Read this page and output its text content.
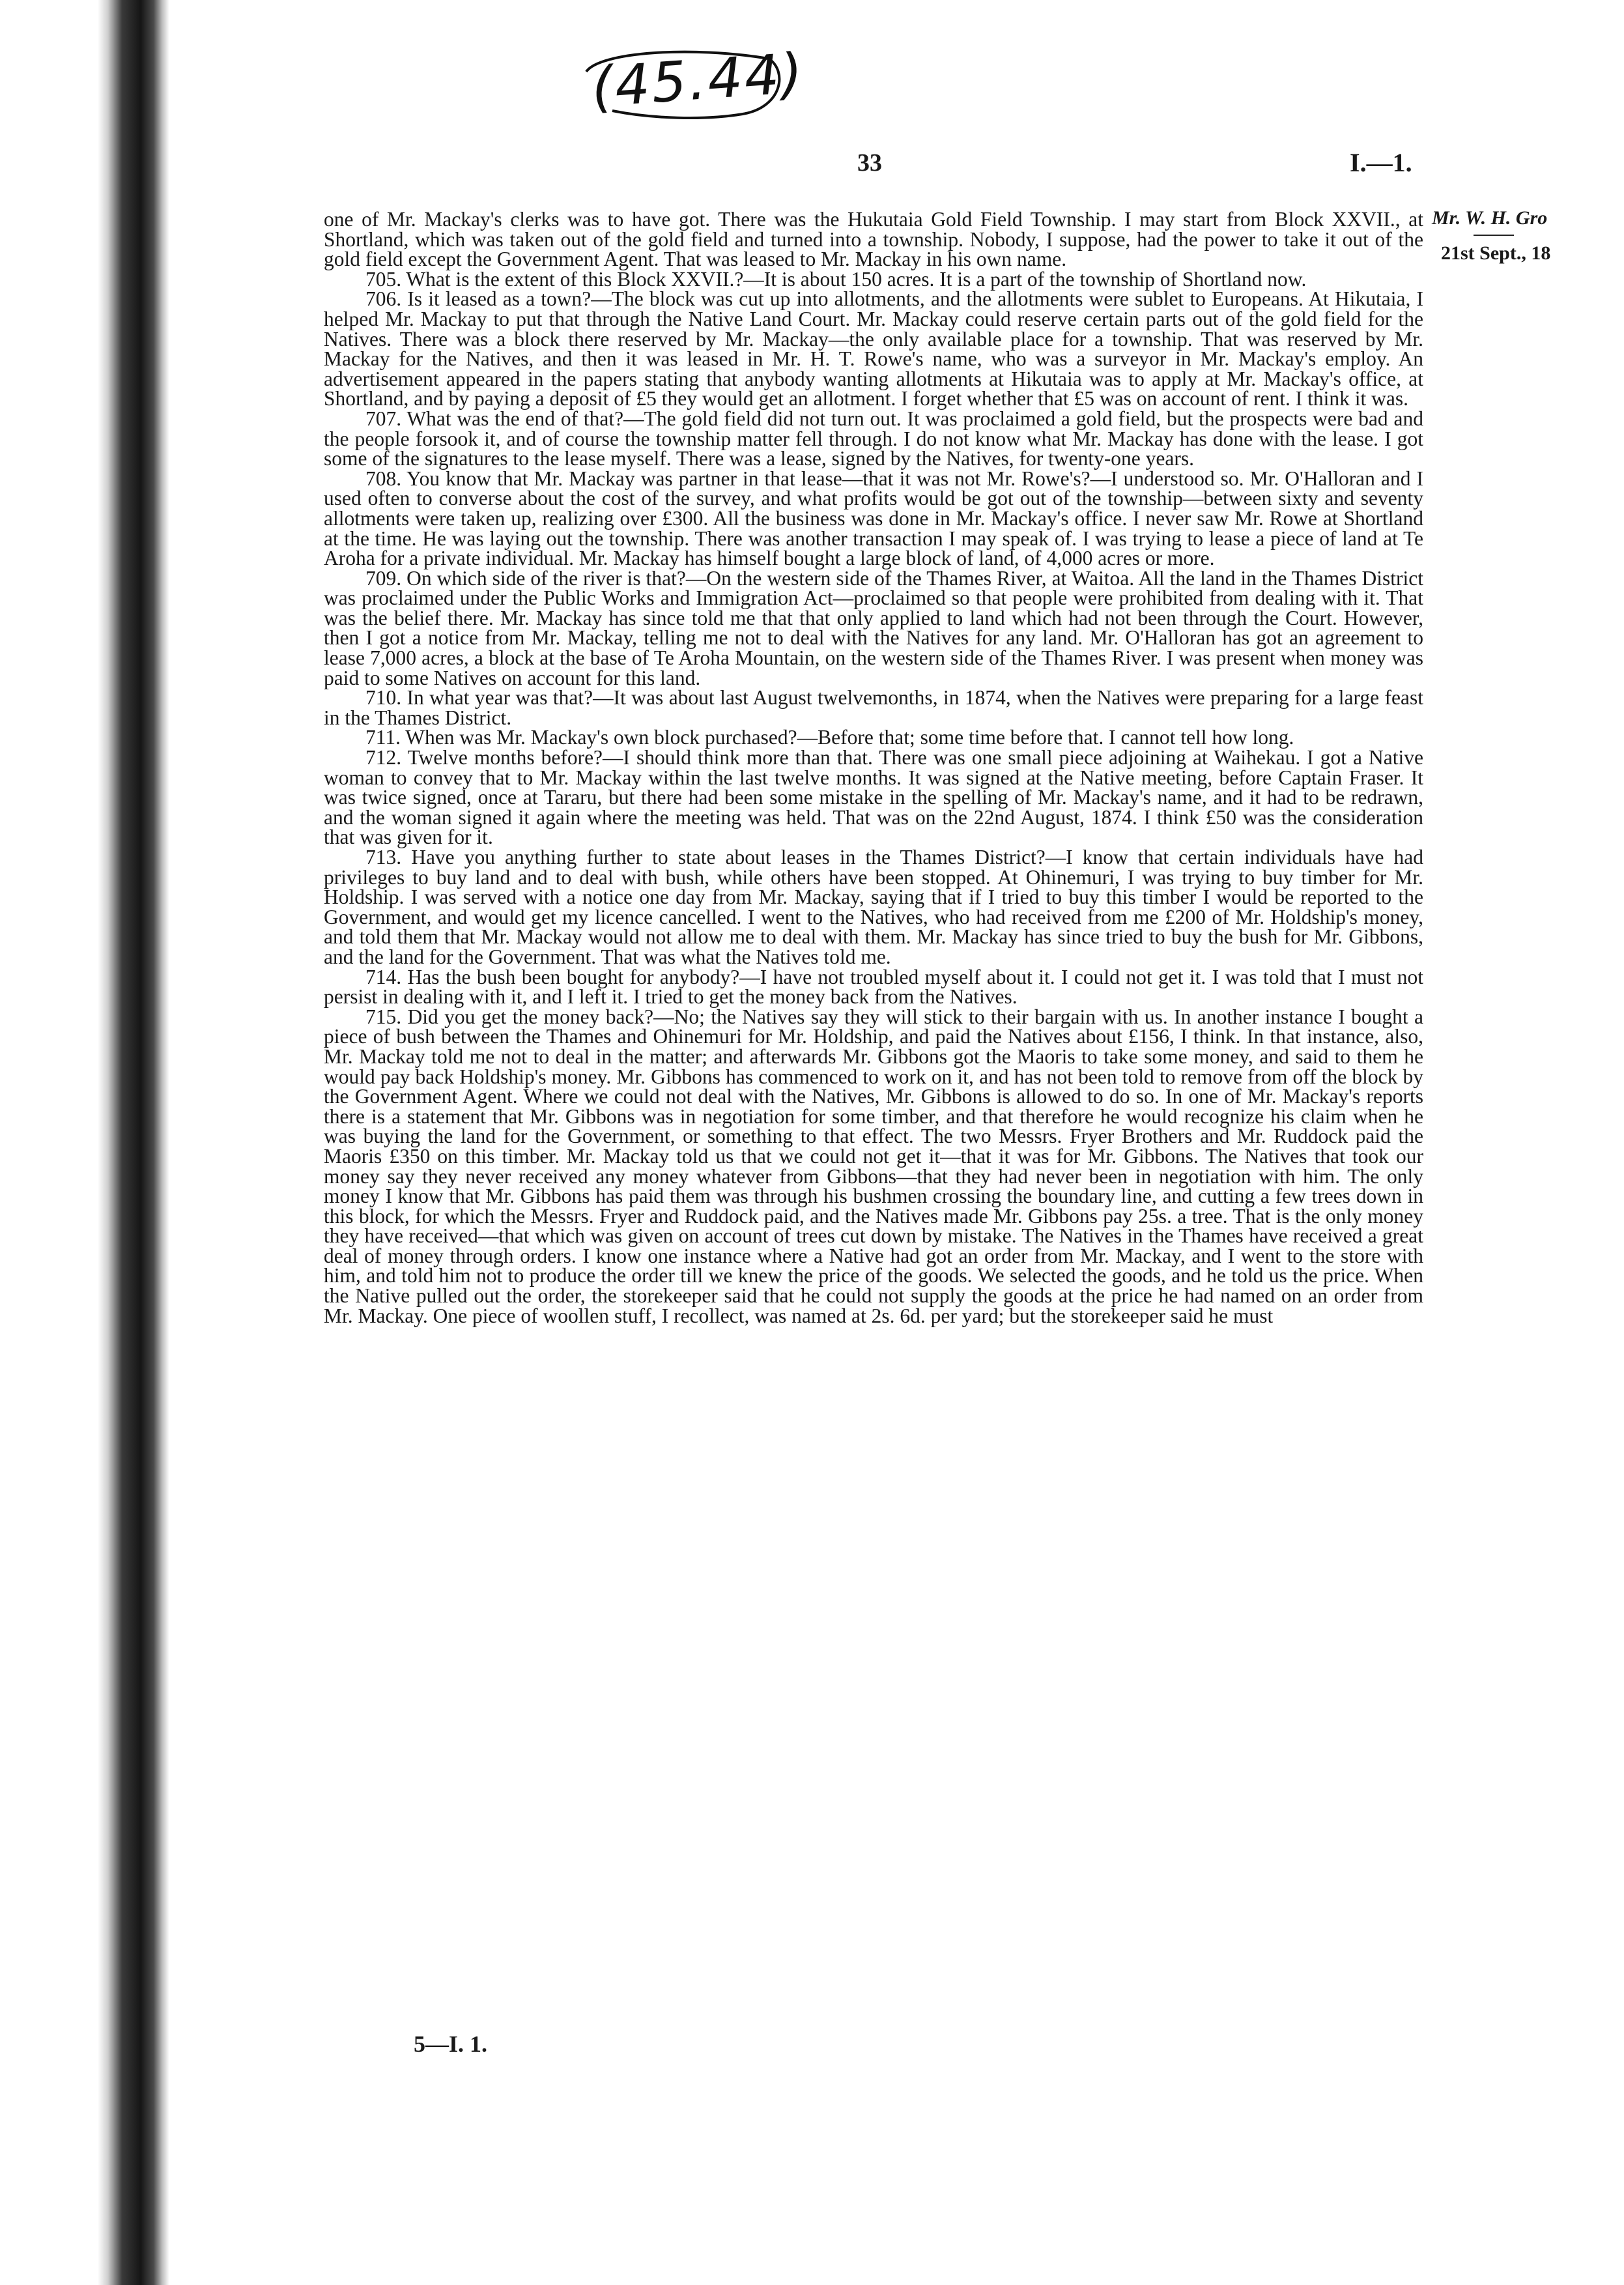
(45.44)
33	I.—1.
Mr. W. H. Gro
21st Sept., 18

one of Mr. Mackay's clerks was to have got. There was the Hukutaia Gold Field Township. I may start from Block XXVII., at Shortland, which was taken out of the gold field and turned into a township. Nobody, I suppose, had the power to take it out of the gold field except the Government Agent. That was leased to Mr. Mackay in his own name.

705. What is the extent of this Block XXVII.?—It is about 150 acres. It is a part of the township of Shortland now.

706. Is it leased as a town?—The block was cut up into allotments, and the allotments were sublet to Europeans. At Hikutaia, I helped Mr. Mackay to put that through the Native Land Court. Mr. Mackay could reserve certain parts out of the gold field for the Natives. There was a block there reserved by Mr. Mackay—the only available place for a township. That was reserved by Mr. Mackay for the Natives, and then it was leased in Mr. H. T. Rowe's name, who was a surveyor in Mr. Mackay's employ. An advertisement appeared in the papers stating that anybody wanting allotments at Hikutaia was to apply at Mr. Mackay's office, at Shortland, and by paying a deposit of £5 they would get an allotment. I forget whether that £5 was on account of rent. I think it was.

707. What was the end of that?—The gold field did not turn out. It was proclaimed a gold field, but the prospects were bad and the people forsook it, and of course the township matter fell through. I do not know what Mr. Mackay has done with the lease. I got some of the signatures to the lease myself. There was a lease, signed by the Natives, for twenty-one years.

708. You know that Mr. Mackay was partner in that lease—that it was not Mr. Rowe's?—I understood so. Mr. O'Halloran and I used often to converse about the cost of the survey, and what profits would be got out of the township—between sixty and seventy allotments were taken up, realizing over £300. All the business was done in Mr. Mackay's office. I never saw Mr. Rowe at Shortland at the time. He was laying out the township. There was another transaction I may speak of. I was trying to lease a piece of land at Te Aroha for a private individual. Mr. Mackay has himself bought a large block of land, of 4,000 acres or more.

709. On which side of the river is that?—On the western side of the Thames River, at Waitoa. All the land in the Thames District was proclaimed under the Public Works and Immigration Act—proclaimed so that people were prohibited from dealing with it. That was the belief there. Mr. Mackay has since told me that that only applied to land which had not been through the Court. However, then I got a notice from Mr. Mackay, telling me not to deal with the Natives for any land. Mr. O'Halloran has got an agreement to lease 7,000 acres, a block at the base of Te Aroha Mountain, on the western side of the Thames River. I was present when money was paid to some Natives on account for this land.

710. In what year was that?—It was about last August twelvemonths, in 1874, when the Natives were preparing for a large feast in the Thames District.

711. When was Mr. Mackay's own block purchased?—Before that; some time before that. I cannot tell how long.

712. Twelve months before?—I should think more than that. There was one small piece adjoining at Waihekau. I got a Native woman to convey that to Mr. Mackay within the last twelve months. It was signed at the Native meeting, before Captain Fraser. It was twice signed, once at Tararu, but there had been some mistake in the spelling of Mr. Mackay's name, and it had to be redrawn, and the woman signed it again where the meeting was held. That was on the 22nd August, 1874. I think £50 was the consideration that was given for it.

713. Have you anything further to state about leases in the Thames District?—I know that certain individuals have had privileges to buy land and to deal with bush, while others have been stopped. At Ohinemuri, I was trying to buy timber for Mr. Holdship. I was served with a notice one day from Mr. Mackay, saying that if I tried to buy this timber I would be reported to the Government, and would get my licence cancelled. I went to the Natives, who had received from me £200 of Mr. Holdship's money, and told them that Mr. Mackay would not allow me to deal with them. Mr. Mackay has since tried to buy the bush for Mr. Gibbons, and the land for the Government. That was what the Natives told me.

714. Has the bush been bought for anybody?—I have not troubled myself about it. I could not get it. I was told that I must not persist in dealing with it, and I left it. I tried to get the money back from the Natives.

715. Did you get the money back?—No; the Natives say they will stick to their bargain with us. In another instance I bought a piece of bush between the Thames and Ohinemuri for Mr. Holdship, and paid the Natives about £156, I think. In that instance, also, Mr. Mackay told me not to deal in the matter; and afterwards Mr. Gibbons got the Maoris to take some money, and said to them he would pay back Holdship's money. Mr. Gibbons has commenced to work on it, and has not been told to remove from off the block by the Government Agent. Where we could not deal with the Natives, Mr. Gibbons is allowed to do so. In one of Mr. Mackay's reports there is a statement that Mr. Gibbons was in negotiation for some timber, and that therefore he would recognize his claim when he was buying the land for the Government, or something to that effect. The two Messrs. Fryer Brothers and Mr. Ruddock paid the Maoris £350 on this timber. Mr. Mackay told us that we could not get it—that it was for Mr. Gibbons. The Natives that took our money say they never received any money whatever from Gibbons—that they had never been in negotiation with him. The only money I know that Mr. Gibbons has paid them was through his bushmen crossing the boundary line, and cutting a few trees down in this block, for which the Messrs. Fryer and Ruddock paid, and the Natives made Mr. Gibbons pay 25s. a tree. That is the only money they have received—that which was given on account of trees cut down by mistake. The Natives in the Thames have received a great deal of money through orders. I know one instance where a Native had got an order from Mr. Mackay, and I went to the store with him, and told him not to produce the order till we knew the price of the goods. We selected the goods, and he told us the price. When the Native pulled out the order, the storekeeper said that he could not supply the goods at the price he had named on an order from Mr. Mackay. One piece of woollen stuff, I recollect, was named at 2s. 6d. per yard; but the storekeeper said he must

5—I. 1.
